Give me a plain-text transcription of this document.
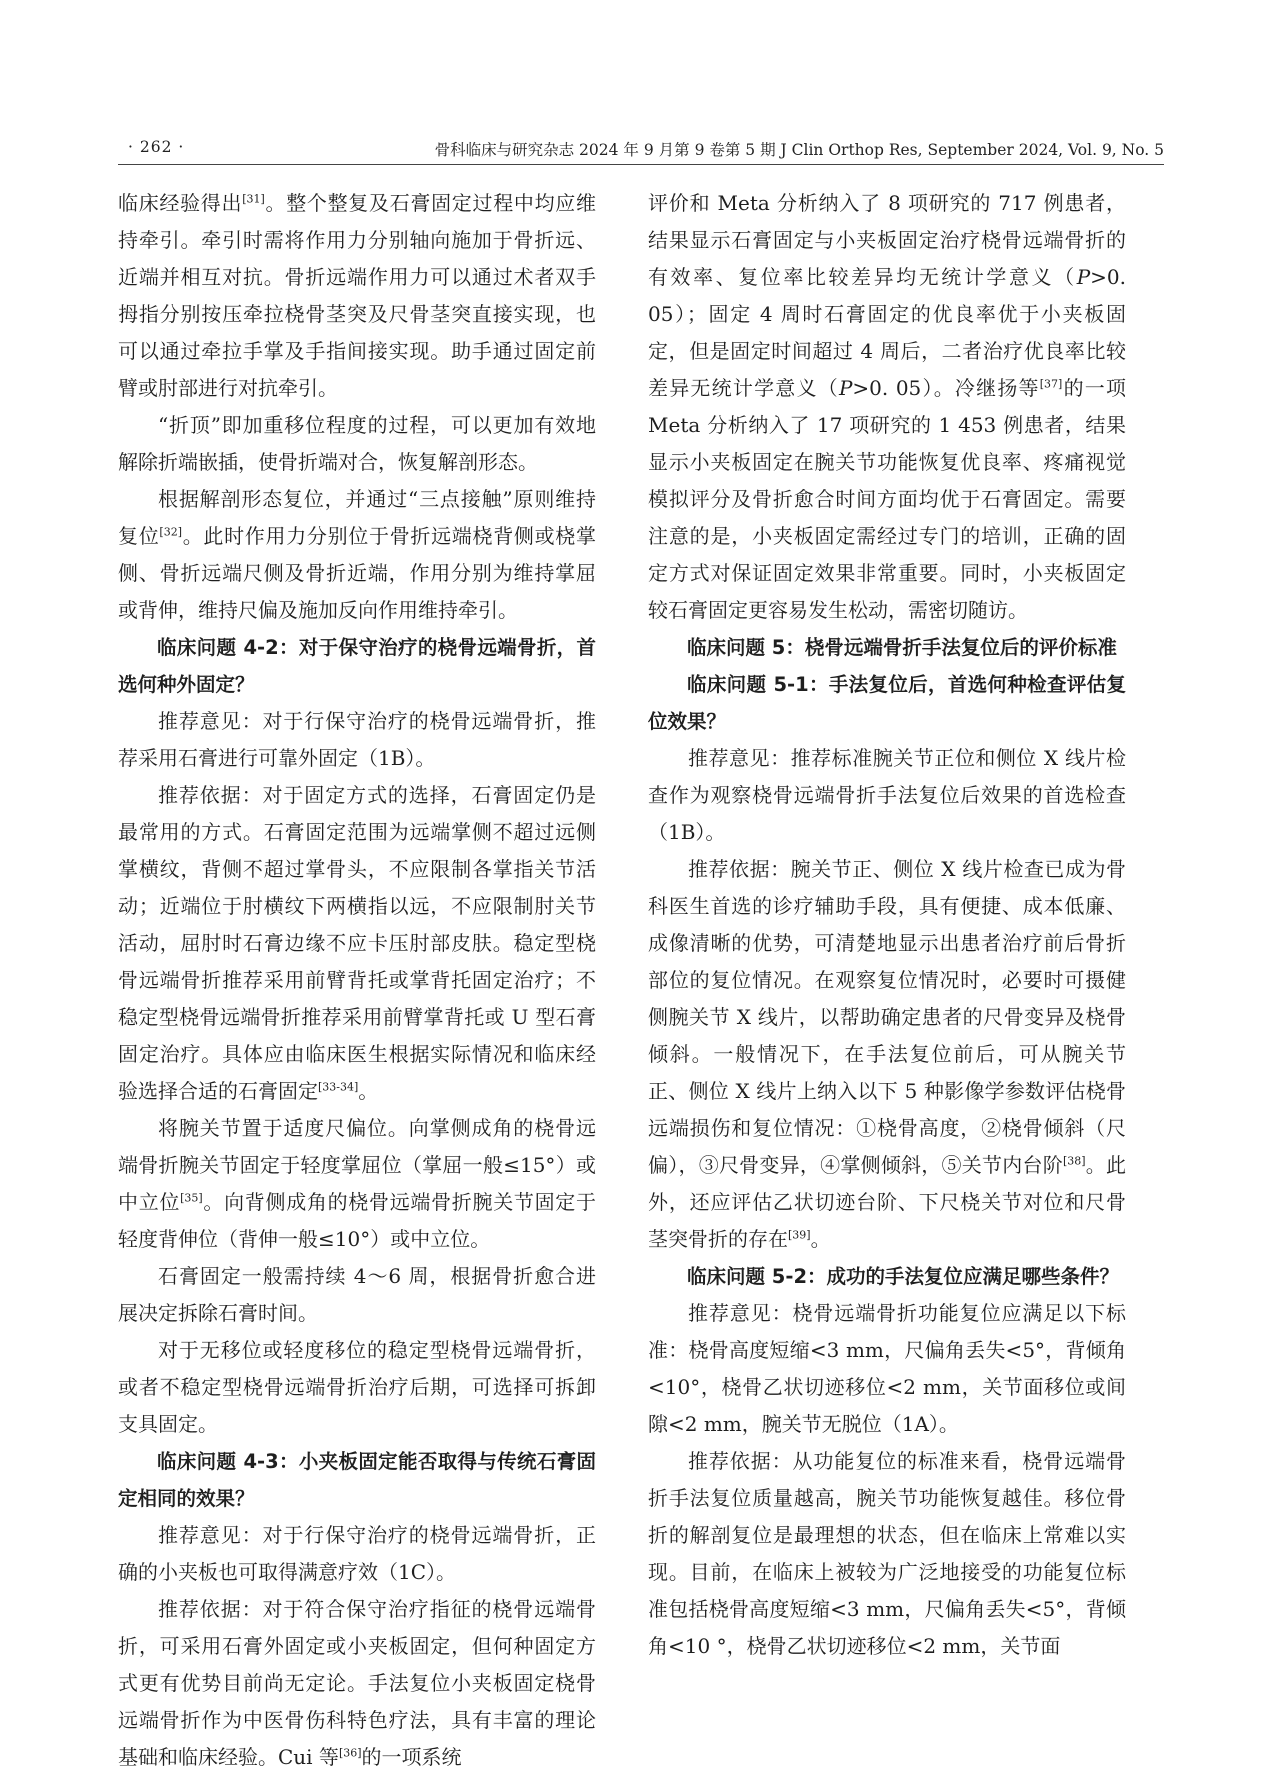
· 262 ·	骨科临床与研究杂志 2024 年 9 月第 9 卷第 5 期 J Clin Orthop Res, September 2024, Vol. 9, No. 5

临床经验得出[31]。整个整复及石膏固定过程中均应维持牵引。牵引时需将作用力分别轴向施加于骨折远、近端并相互对抗。骨折远端作用力可以通过术者双手拇指分别按压牵拉桡骨茎突及尺骨茎突直接实现，也可以通过牵拉手掌及手指间接实现。助手通过固定前臂或肘部进行对抗牵引。

“折顶”即加重移位程度的过程，可以更加有效地解除折端嵌插，使骨折端对合，恢复解剖形态。

根据解剖形态复位，并通过“三点接触”原则维持复位[32]。此时作用力分别位于骨折远端桡背侧或桡掌侧、骨折远端尺侧及骨折近端，作用分别为维持掌屈或背伸，维持尺偏及施加反向作用维持牵引。

临床问题 4-2：对于保守治疗的桡骨远端骨折，首选何种外固定？

推荐意见：对于行保守治疗的桡骨远端骨折，推荐采用石膏进行可靠外固定（1B）。

推荐依据：对于固定方式的选择，石膏固定仍是最常用的方式。石膏固定范围为远端掌侧不超过远侧掌横纹，背侧不超过掌骨头，不应限制各掌指关节活动；近端位于肘横纹下两横指以远，不应限制肘关节活动，屈肘时石膏边缘不应卡压肘部皮肤。稳定型桡骨远端骨折推荐采用前臂背托或掌背托固定治疗；不稳定型桡骨远端骨折推荐采用前臂掌背托或 U 型石膏固定治疗。具体应由临床医生根据实际情况和临床经验选择合适的石膏固定[33-34]。

将腕关节置于适度尺偏位。向掌侧成角的桡骨远端骨折腕关节固定于轻度掌屈位（掌屈一般≤15°）或中立位[35]。向背侧成角的桡骨远端骨折腕关节固定于轻度背伸位（背伸一般≤10°）或中立位。

石膏固定一般需持续 4～6 周，根据骨折愈合进展决定拆除石膏时间。

对于无移位或轻度移位的稳定型桡骨远端骨折，或者不稳定型桡骨远端骨折治疗后期，可选择可拆卸支具固定。

临床问题 4-3：小夹板固定能否取得与传统石膏固定相同的效果？

推荐意见：对于行保守治疗的桡骨远端骨折，正确的小夹板也可取得满意疗效（1C）。

推荐依据：对于符合保守治疗指征的桡骨远端骨折，可采用石膏外固定或小夹板固定，但何种固定方式更有优势目前尚无定论。手法复位小夹板固定桡骨远端骨折作为中医骨伤科特色疗法，具有丰富的理论基础和临床经验。Cui 等[36]的一项系统

评价和 Meta 分析纳入了 8 项研究的 717 例患者，结果显示石膏固定与小夹板固定治疗桡骨远端骨折的有效率、复位率比较差异均无统计学意义（P>0. 05）；固定 4 周时石膏固定的优良率优于小夹板固定，但是固定时间超过 4 周后，二者治疗优良率比较差异无统计学意义（P>0. 05）。冷继扬等[37]的一项 Meta 分析纳入了 17 项研究的 1 453 例患者，结果显示小夹板固定在腕关节功能恢复优良率、疼痛视觉模拟评分及骨折愈合时间方面均优于石膏固定。需要注意的是，小夹板固定需经过专门的培训，正确的固定方式对保证固定效果非常重要。同时，小夹板固定较石膏固定更容易发生松动，需密切随访。

临床问题 5：桡骨远端骨折手法复位后的评价标准

临床问题 5-1：手法复位后，首选何种检查评估复位效果？

推荐意见：推荐标准腕关节正位和侧位 X 线片检查作为观察桡骨远端骨折手法复位后效果的首选检查（1B）。

推荐依据：腕关节正、侧位 X 线片检查已成为骨科医生首选的诊疗辅助手段，具有便捷、成本低廉、成像清晰的优势，可清楚地显示出患者治疗前后骨折部位的复位情况。在观察复位情况时，必要时可摄健侧腕关节 X 线片，以帮助确定患者的尺骨变异及桡骨倾斜。一般情况下，在手法复位前后，可从腕关节正、侧位 X 线片上纳入以下 5 种影像学参数评估桡骨远端损伤和复位情况：①桡骨高度，②桡骨倾斜（尺偏），③尺骨变异，④掌侧倾斜，⑤关节内台阶[38]。此外，还应评估乙状切迹台阶、下尺桡关节对位和尺骨茎突骨折的存在[39]。

临床问题 5-2：成功的手法复位应满足哪些条件？

推荐意见：桡骨远端骨折功能复位应满足以下标准：桡骨高度短缩<3 mm，尺偏角丢失<5°，背倾角<10°，桡骨乙状切迹移位<2 mm，关节面移位或间隙<2 mm，腕关节无脱位（1A）。

推荐依据：从功能复位的标准来看，桡骨远端骨折手法复位质量越高，腕关节功能恢复越佳。移位骨折的解剖复位是最理想的状态，但在临床上常难以实现。目前，在临床上被较为广泛地接受的功能复位标准包括桡骨高度短缩<3 mm，尺偏角丢失<5°，背倾角<10 °，桡骨乙状切迹移位<2 mm，关节面
